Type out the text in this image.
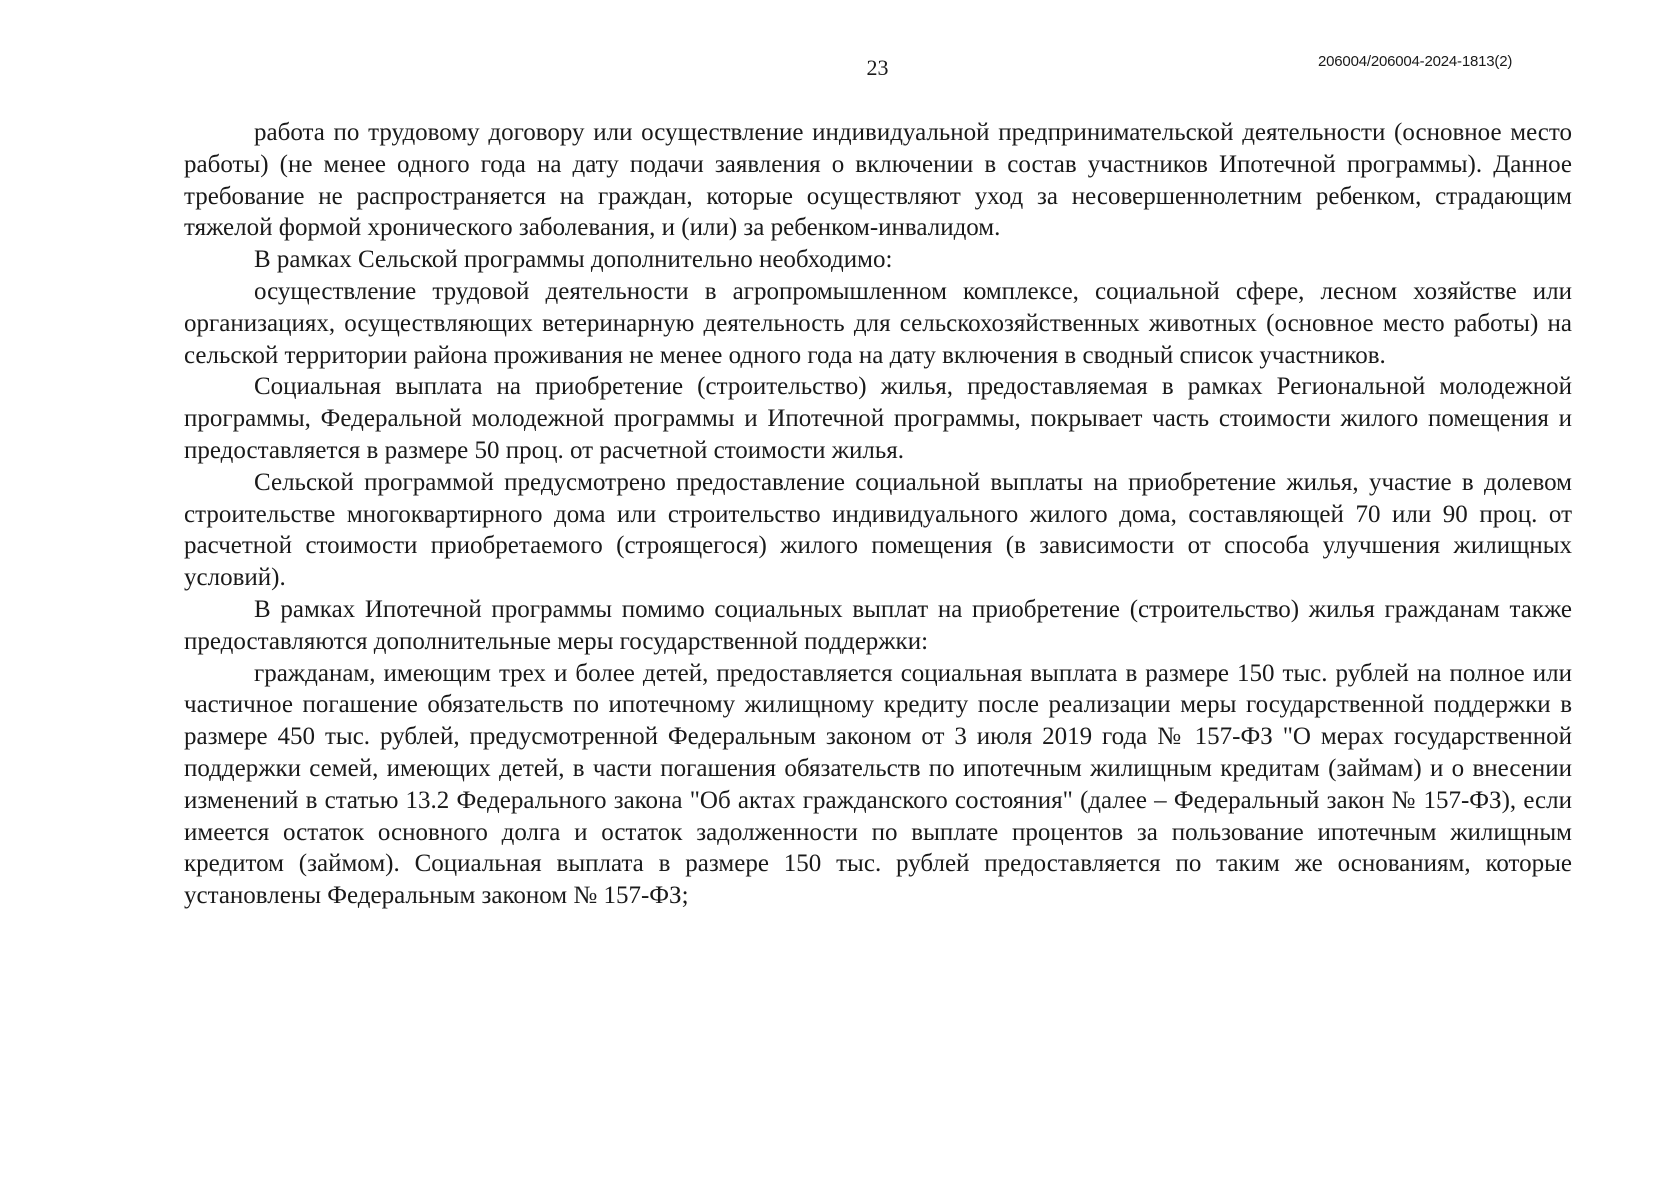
23	206004/206004-2024-1813(2)

работа по трудовому договору или осуществление индивидуальной предпринимательской деятельности (основное место работы) (не менее одного года на дату подачи заявления о включении в состав участников Ипотечной программы). Данное требование не распространяется на граждан, которые осуществляют уход за несовершеннолетним ребенком, страдающим тяжелой формой хронического заболевания, и (или) за ребенком-инвалидом.

В рамках Сельской программы дополнительно необходимо:

осуществление трудовой деятельности в агропромышленном комплексе, социальной сфере, лесном хозяйстве или организациях, осуществляющих ветеринарную деятельность для сельскохозяйственных животных (основное место работы) на сельской территории района проживания не менее одного года на дату включения в сводный список участников.

Социальная выплата на приобретение (строительство) жилья, предоставляемая в рамках Региональной молодежной программы, Федеральной молодежной программы и Ипотечной программы, покрывает часть стоимости жилого помещения и предоставляется в размере 50 проц. от расчетной стоимости жилья.

Сельской программой предусмотрено предоставление социальной выплаты на приобретение жилья, участие в долевом строительстве многоквартирного дома или строительство индивидуального жилого дома, составляющей 70 или 90 проц. от расчетной стоимости приобретаемого (строящегося) жилого помещения (в зависимости от способа улучшения жилищных условий).

В рамках Ипотечной программы помимо социальных выплат на приобретение (строительство) жилья гражданам также предоставляются дополнительные меры государственной поддержки:

гражданам, имеющим трех и более детей, предоставляется социальная выплата в размере 150 тыс. рублей на полное или частичное погашение обязательств по ипотечному жилищному кредиту после реализации меры государственной поддержки в размере 450 тыс. рублей, предусмотренной Федеральным законом от 3 июля 2019 года № 157-ФЗ "О мерах государственной поддержки семей, имеющих детей, в части погашения обязательств по ипотечным жилищным кредитам (займам) и о внесении изменений в статью 13.2 Федерального закона "Об актах гражданского состояния" (далее – Федеральный закон № 157-ФЗ), если имеется остаток основного долга и остаток задолженности по выплате процентов за пользование ипотечным жилищным кредитом (займом). Социальная выплата в размере 150 тыс. рублей предоставляется по таким же основаниям, которые установлены Федеральным законом № 157-ФЗ;
